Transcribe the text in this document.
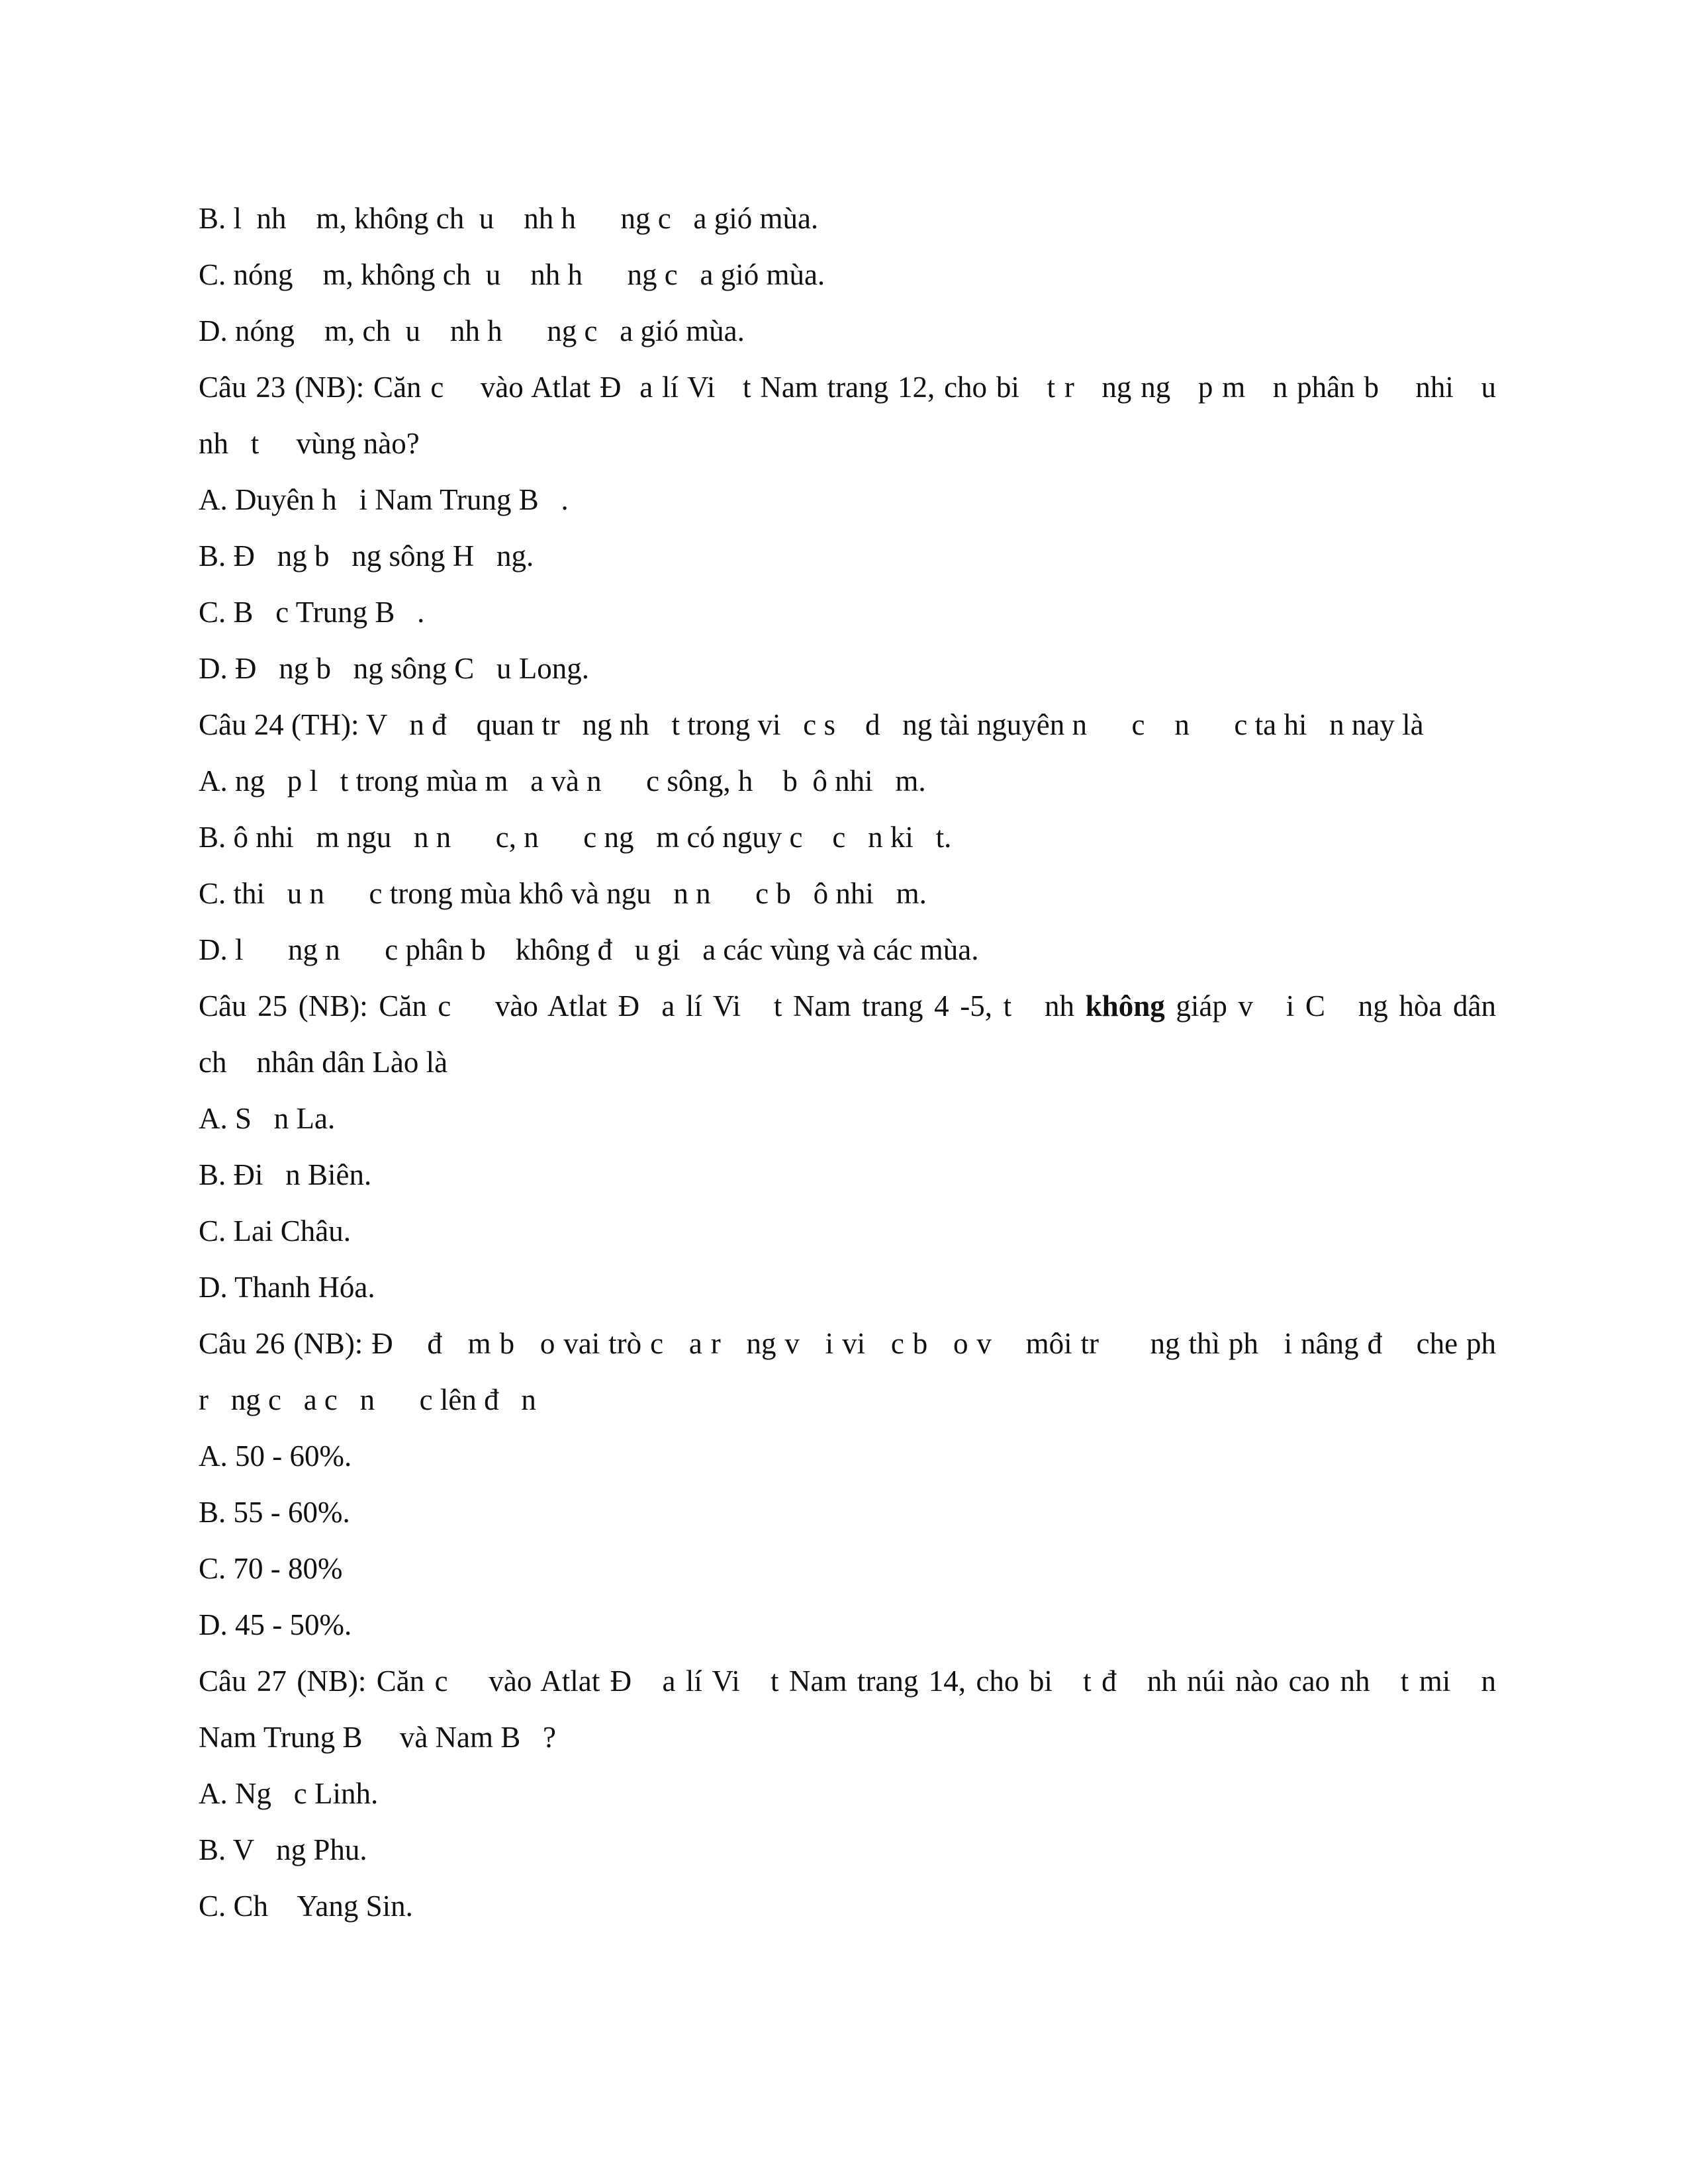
B. l  nh    m, không ch  u    nh h      ng c   a gió mùa.
C. nóng    m, không ch  u    nh h      ng c   a gió mùa.
D. nóng    m, ch  u    nh h      ng c   a gió mùa.
Câu 23 (NB): Căn c    vào Atlat Đ  a lí Vi   t Nam trang 12, cho bi   t r   ng ng   p m   n phân b    nhi   u
nh   t     vùng nào?
A. Duyên h   i Nam Trung B   .
B. Đ   ng b   ng sông H   ng.
C. B   c Trung B   .
D. Đ   ng b   ng sông C   u Long.
Câu 24 (TH): V   n đ    quan tr   ng nh   t trong vi   c s    d   ng tài nguyên n      c    n      c ta hi   n nay là
A. ng   p l   t trong mùa m   a và n      c sông, h    b  ô nhi   m.
B. ô nhi   m ngu   n n      c, n      c ng   m có nguy c    c   n ki   t.
C. thi   u n      c trong mùa khô và ngu   n n      c b   ô nhi   m.
D. l      ng n      c phân b    không đ   u gi   a các vùng và các mùa.
Câu 25 (NB): Căn c    vào Atlat Đ  a lí Vi   t Nam trang 4 -5, t   nh không giáp v   i C   ng hòa dân
ch    nhân dân Lào là
A. S   n La.
B. Đi   n Biên.
C. Lai Châu.
D. Thanh Hóa.
Câu 26 (NB): Đ    đ   m b   o vai trò c   a r   ng v   i vi   c b   o v    môi tr      ng thì ph   i nâng đ    che ph
r   ng c   a c   n      c lên đ   n
A. 50 - 60%.
B. 55 - 60%.
C. 70 - 80%
D. 45 - 50%.
Câu 27 (NB): Căn c    vào Atlat Đ   a lí Vi   t Nam trang 14, cho bi   t đ   nh núi nào cao nh   t mi   n
Nam Trung B     và Nam B   ?
A. Ng   c Linh.
B. V   ng Phu.
C. Ch    Yang Sin.
